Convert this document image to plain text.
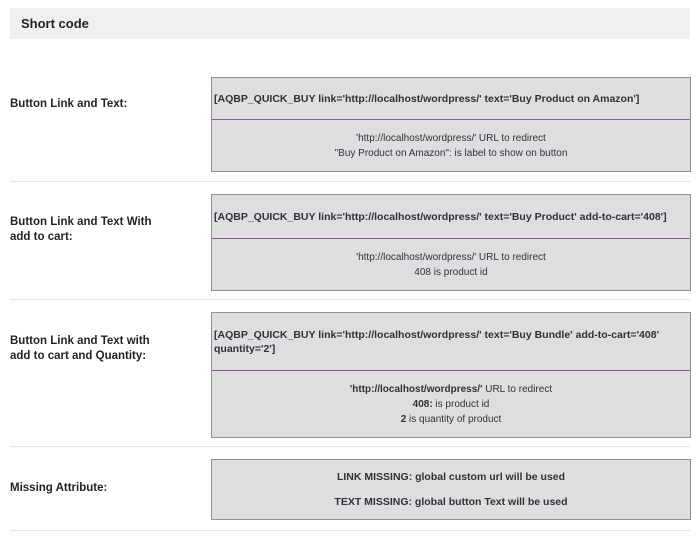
Short code
Button Link and Text:	[AQBP_QUICK_BUY link='http://localhost/wordpress/' text='Buy Product on Amazon']
'http://localhost/wordpress/' URL to redirect
"Buy Product on Amazon": is label to show on button
Button Link and Text With
add to cart:
[AQBP_QUICK_BUY link='http://localhost/wordpress/' text='Buy Product' add-to-cart='408']
'http://localhost/wordpress/' URL to redirect
408 is product id
Button Link and Text with
add to cart and Quantity:
[AQBP_QUICK_BUY link='http://localhost/wordpress/' text='Buy Bundle' add-to-cart='408' quantity='2']
'http://localhost/wordpress/' URL to redirect
408: is product id
2 is quantity of product
Missing Attribute:
LINK MISSING: global custom url will be used
TEXT MISSING: global button Text will be used
